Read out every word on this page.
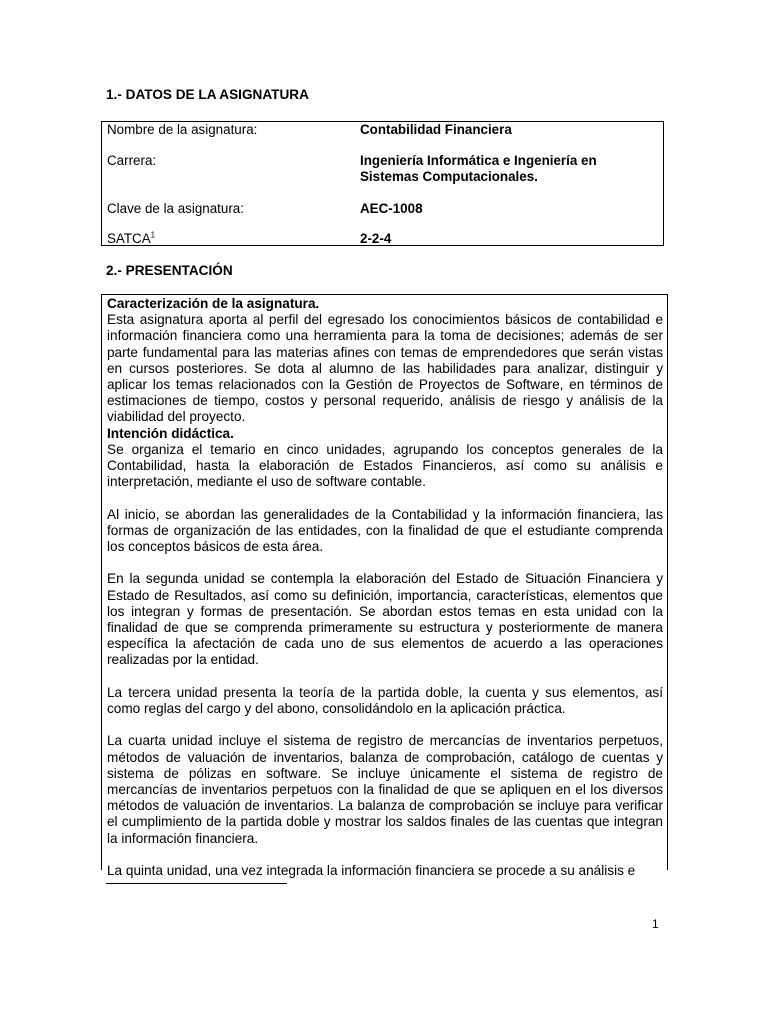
1.- DATOS DE LA ASIGNATURA
Nombre de la asignatura:	Contabilidad Financiera
Carrera:	Ingeniería Informática e Ingeniería en Sistemas Computacionales.
Clave de la asignatura:	AEC-1008
SATCA$^1$	2-2-4
2.- PRESENTACIÓN

Caracterización de la asignatura.

Esta asignatura aporta al perfil del egresado los conocimientos básicos de contabilidad e información financiera como una herramienta para la toma de decisiones; además de ser parte fundamental para las materias afines con temas de emprendedores que serán vistas en cursos posteriores. Se dota al alumno de las habilidades para analizar, distinguir y aplicar los temas relacionados con la Gestión de Proyectos de Software, en términos de estimaciones de tiempo, costos y personal requerido, análisis de riesgo y análisis de la viabilidad del proyecto.

Intención didáctica.

Se organiza el temario en cinco unidades, agrupando los conceptos generales de la Contabilidad, hasta la elaboración de Estados Financieros, así como su análisis e interpretación, mediante el uso de software contable.

Al inicio, se abordan las generalidades de la Contabilidad y la información financiera, las formas de organización de las entidades, con la finalidad de que el estudiante comprenda los conceptos básicos de esta área.

En la segunda unidad se contempla la elaboración del Estado de Situación Financiera y Estado de Resultados, así como su definición, importancia, características, elementos que los integran y formas de presentación. Se abordan estos temas en esta unidad con la finalidad de que se comprenda primeramente su estructura y posteriormente de manera específica la afectación de cada uno de sus elementos de acuerdo a las operaciones realizadas por la entidad.

La tercera unidad presenta la teoría de la partida doble, la cuenta y sus elementos, así como reglas del cargo y del abono, consolidándolo en la aplicación práctica.

La cuarta unidad incluye el sistema de registro de mercancías de inventarios perpetuos, métodos de valuación de inventarios, balanza de comprobación, catálogo de cuentas y sistema de pólizas en software. Se incluye únicamente el sistema de registro de mercancías de inventarios perpetuos con la finalidad de que se apliquen en el los diversos métodos de valuación de inventarios. La balanza de comprobación se incluye para verificar el cumplimiento de la partida doble y mostrar los saldos finales de las cuentas que integran la información financiera.

La quinta unidad, una vez integrada la información financiera se procede a su análisis e

1
